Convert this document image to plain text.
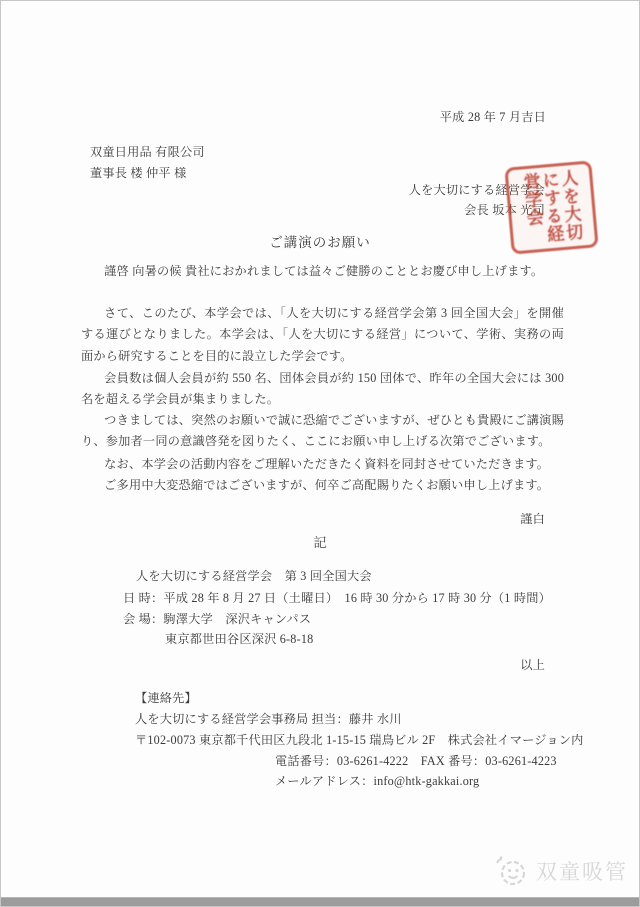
平成 28 年 7 月吉日
双童日用品 有限公司
董事長 楼 仲平 様
人を大切にする経営学会
会長 坂本 光司 人を大切にする経営学会
ご講演のお願い
謹啓 向暑の候 貴社におかれましては益々ご健勝のこととお慶び申し上げます。
さて、このたび、本学会では、「人を大切にする経営学会第 3 回全国大会」を開催する運びとなりました。本学会は、「人を大切にする経営」について、学術、実務の両面から研究することを目的に設立した学会です。
会員数は個人会員が約 550 名、団体会員が約 150 団体で、昨年の全国大会には 300 名を超える学会員が集まりました。
つきましては、突然のお願いで誠に恐縮でございますが、ぜひとも貴殿にご講演賜り、参加者一同の意識啓発を図りたく、ここにお願い申し上げる次第でございます。
なお、本学会の活動内容をご理解いただきたく資料を同封させていただきます。
ご多用中大変恐縮ではございますが、何卒ご高配賜りたくお願い申し上げます。
謹白
記
人を大切にする経営学会　第 3 回全国大会
日 時：平成 28 年 8 月 27 日（土曜日）　16 時 30 分から 17 時 30 分（1 時間）
会 場：駒澤大学　深沢キャンパス
東京都世田谷区深沢 6-8-18
以上
【連絡先】
人を大切にする経営学会事務局 担当：藤井 水川
〒102-0073 東京都千代田区九段北 1-15-15 瑞鳥ビル 2F　株式会社イマージョン内
電話番号：03-6261-4222　FAX 番号：03-6261-4223
メールアドレス：info@htk-gakkai.org
双童吸管
